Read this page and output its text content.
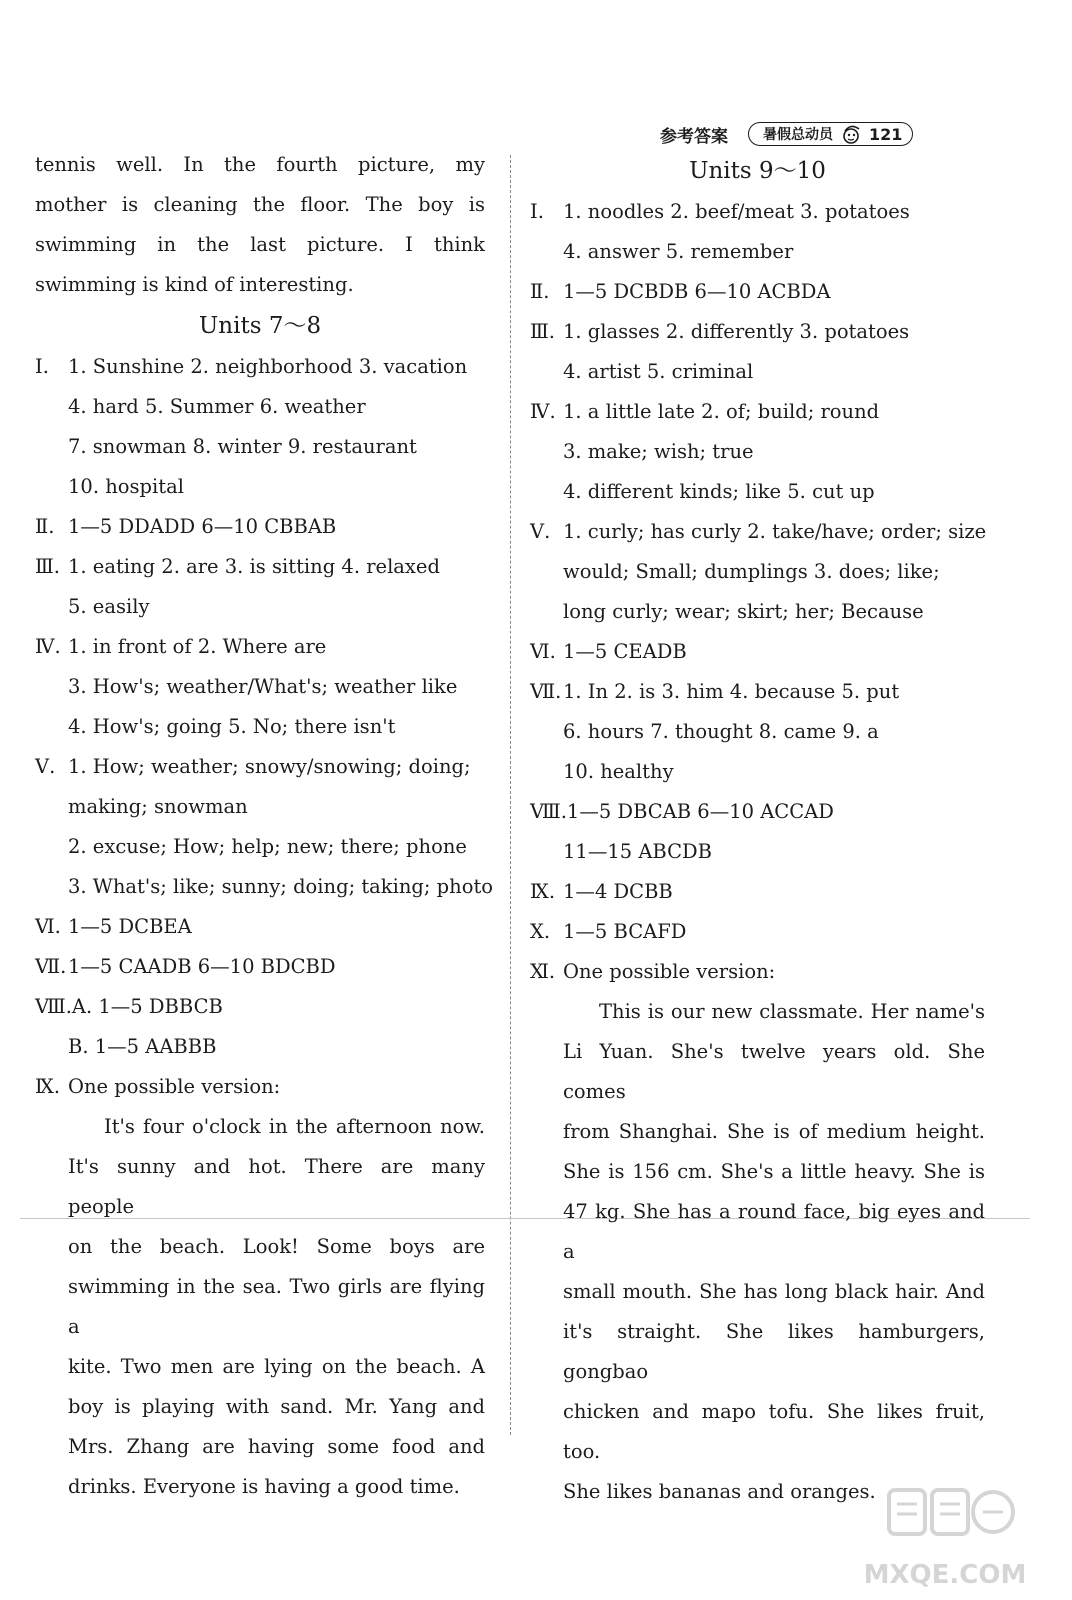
参考答案	暑假总动员 121
tennis well. In the fourth picture, my
mother is cleaning the floor. The boy is
swimming in the last picture. I think
swimming is kind of interesting.
Units 7～8
Ⅰ. 1. Sunshine 2. neighborhood 3. vacation
4. hard 5. Summer 6. weather
7. snowman 8. winter 9. restaurant
10. hospital
Ⅱ. 1—5 DDADD 6—10 CBBAB
Ⅲ. 1. eating 2. are 3. is sitting 4. relaxed
5. easily
Ⅳ. 1. in front of 2. Where are
3. How's; weather/What's; weather like
4. How's; going 5. No; there isn't
Ⅴ. 1. How; weather; snowy/snowing; doing;
making; snowman
2. excuse; How; help; new; there; phone
3. What's; like; sunny; doing; taking; photo
Ⅵ. 1—5 DCBEA
Ⅶ.1—5 CAADB 6—10 BDCBD
Ⅷ.A. 1—5 DBBCB
B. 1—5 AABBB
Ⅸ. One possible version:
It's four o'clock in the afternoon now.
It's sunny and hot. There are many people
on the beach. Look! Some boys are
swimming in the sea. Two girls are flying a
kite. Two men are lying on the beach. A
boy is playing with sand. Mr. Yang and
Mrs. Zhang are having some food and
drinks. Everyone is having a good time.
Units 9～10
Ⅰ. 1. noodles 2. beef/meat 3. potatoes
4. answer 5. remember
Ⅱ. 1—5 DCBDB 6—10 ACBDA
Ⅲ. 1. glasses 2. differently 3. potatoes
4. artist 5. criminal
Ⅳ. 1. a little late 2. of; build; round
3. make; wish; true
4. different kinds; like 5. cut up
Ⅴ. 1. curly; has curly 2. take/have; order; size
would; Small; dumplings 3. does; like;
long curly; wear; skirt; her; Because
Ⅵ. 1—5 CEADB
Ⅶ.1. In 2. is 3. him 4. because 5. put
6. hours 7. thought 8. came 9. a
10. healthy
Ⅷ.1—5 DBCAB 6—10 ACCAD
11—15 ABCDB
Ⅸ. 1—4 DCBB
Ⅹ. 1—5 BCAFD
Ⅺ. One possible version:
This is our new classmate. Her name's
Li Yuan. She's twelve years old. She comes
from Shanghai. She is of medium height.
She is 156 cm. She's a little heavy. She is
47 kg. She has a round face, big eyes and a
small mouth. She has long black hair. And
it's straight. She likes hamburgers, gongbao
chicken and mapo tofu. She likes fruit, too.
She likes bananas and oranges.
MXQE.COM
